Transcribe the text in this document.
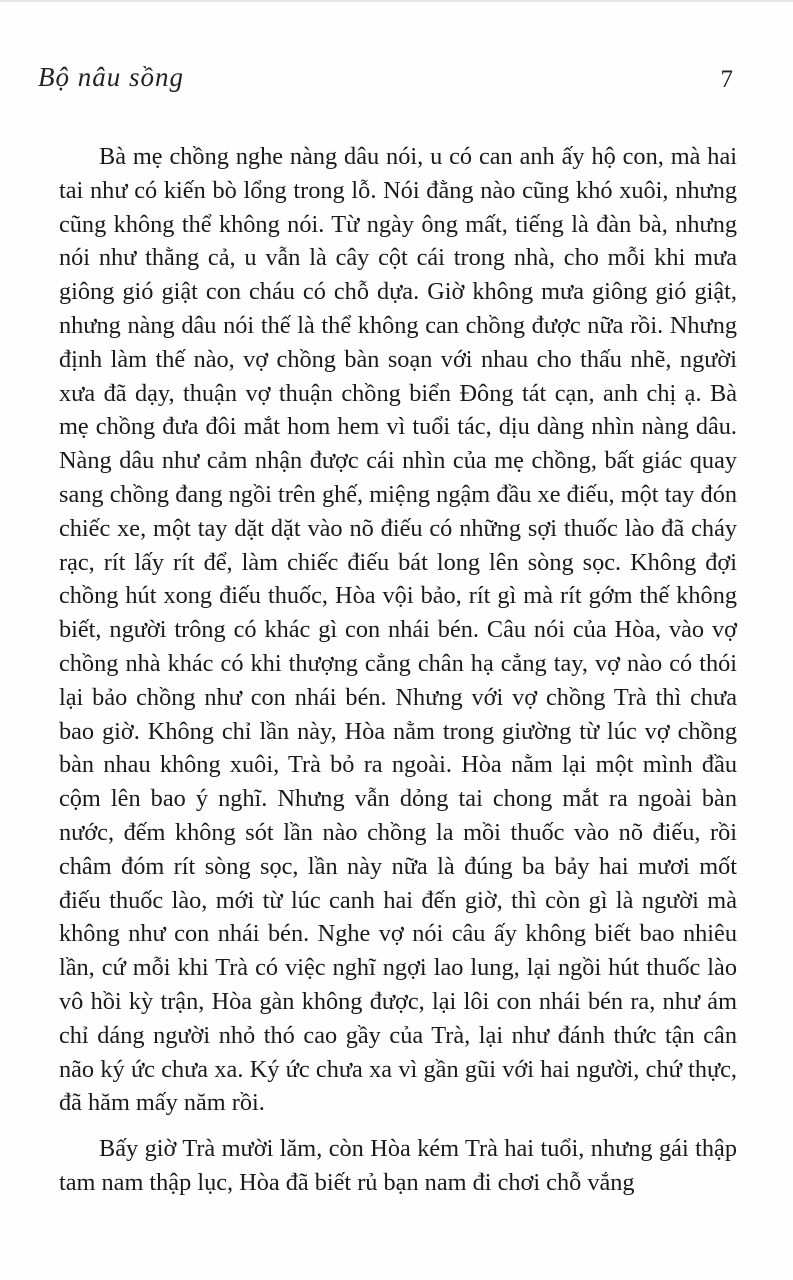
Bộ nâu sồng	7

Bà mẹ chồng nghe nàng dâu nói, u có can anh ấy hộ con, mà hai tai như có kiến bò lổng trong lỗ. Nói đằng nào cũng khó xuôi, nhưng cũng không thể không nói. Từ ngày ông mất, tiếng là đàn bà, nhưng nói như thằng cả, u vẫn là cây cột cái trong nhà, cho mỗi khi mưa giông gió giật con cháu có chỗ dựa. Giờ không mưa giông gió giật, nhưng nàng dâu nói thế là thể không can chồng được nữa rồi. Nhưng định làm thế nào, vợ chồng bàn soạn với nhau cho thấu nhẽ, người xưa đã dạy, thuận vợ thuận chồng biển Đông tát cạn, anh chị ạ. Bà mẹ chồng đưa đôi mắt hom hem vì tuổi tác, dịu dàng nhìn nàng dâu. Nàng dâu như cảm nhận được cái nhìn của mẹ chồng, bất giác quay sang chồng đang ngồi trên ghế, miệng ngậm đầu xe điếu, một tay đón chiếc xe, một tay dặt dặt vào nõ điếu có những sợi thuốc lào đã cháy rạc, rít lấy rít để, làm chiếc điếu bát long lên sòng sọc. Không đợi chồng hút xong điếu thuốc, Hòa vội bảo, rít gì mà rít gớm thế không biết, người trông có khác gì con nhái bén. Câu nói của Hòa, vào vợ chồng nhà khác có khi thượng cẳng chân hạ cẳng tay, vợ nào có thói lại bảo chồng như con nhái bén. Nhưng với vợ chồng Trà thì chưa bao giờ. Không chỉ lần này, Hòa nằm trong giường từ lúc vợ chồng bàn nhau không xuôi, Trà bỏ ra ngoài. Hòa nằm lại một mình đầu cộm lên bao ý nghĩ. Nhưng vẫn dỏng tai chong mắt ra ngoài bàn nước, đếm không sót lần nào chồng la mồi thuốc vào nõ điếu, rồi châm đóm rít sòng sọc, lần này nữa là đúng ba bảy hai mươi mốt điếu thuốc lào, mới từ lúc canh hai đến giờ, thì còn gì là người mà không như con nhái bén. Nghe vợ nói câu ấy không biết bao nhiêu lần, cứ mỗi khi Trà có việc nghĩ ngợi lao lung, lại ngồi hút thuốc lào vô hồi kỳ trận, Hòa gàn không được, lại lôi con nhái bén ra, như ám chỉ dáng người nhỏ thó cao gầy của Trà, lại như đánh thức tận cân não ký ức chưa xa. Ký ức chưa xa vì gần gũi với hai người, chứ thực, đã hăm mấy năm rồi.

Bấy giờ Trà mười lăm, còn Hòa kém Trà hai tuổi, nhưng gái thập tam nam thập lục, Hòa đã biết rủ bạn nam đi chơi chỗ vắng
